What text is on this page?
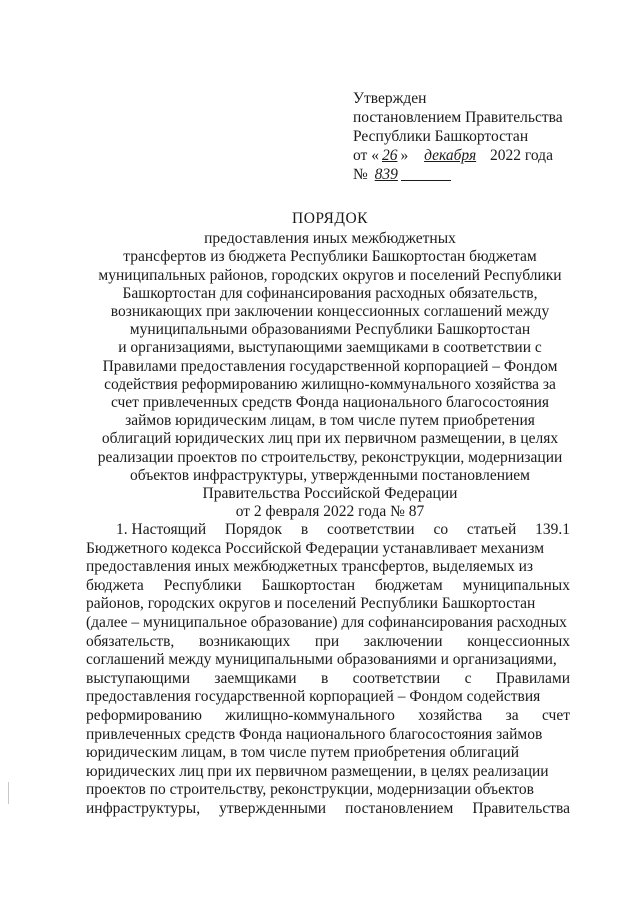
Утвержден
постановлением Правительства
Республики Башкортостан
от « 26 » декабря 2022 года
№ 839
ПОРЯДОК
предоставления иных межбюджетных
трансфертов из бюджета Республики Башкортостан бюджетам
муниципальных районов, городских округов и поселений Республики
Башкортостан для софинансирования расходных обязательств,
возникающих при заключении концессионных соглашений между
муниципальными образованиями Республики Башкортостан
и организациями, выступающими заемщиками в соответствии с
Правилами предоставления государственной корпорацией – Фондом
содействия реформированию жилищно-коммунального хозяйства за
счет привлеченных средств Фонда национального благосостояния
займов юридическим лицам, в том числе путем приобретения
облигаций юридических лиц при их первичном размещении, в целях
реализации проектов по строительству, реконструкции, модернизации
объектов инфраструктуры, утвержденными постановлением
Правительства Российской Федерации
от 2 февраля 2022 года № 87
1. Настоящий Порядок в соответствии со статьей 139.1
Бюджетного кодекса Российской Федерации устанавливает механизм
предоставления иных межбюджетных трансфертов, выделяемых из
бюджета Республики Башкортостан бюджетам муниципальных
районов, городских округов и поселений Республики Башкортостан
(далее – муниципальное образование) для софинансирования расходных
обязательств, возникающих при заключении концессионных
соглашений между муниципальными образованиями и организациями,
выступающими заемщиками в соответствии с Правилами
предоставления государственной корпорацией – Фондом содействия
реформированию жилищно-коммунального хозяйства за счет
привлеченных средств Фонда национального благосостояния займов
юридическим лицам, в том числе путем приобретения облигаций
юридических лиц при их первичном размещении, в целях реализации
проектов по строительству, реконструкции, модернизации объектов
инфраструктуры, утвержденными постановлением Правительства
